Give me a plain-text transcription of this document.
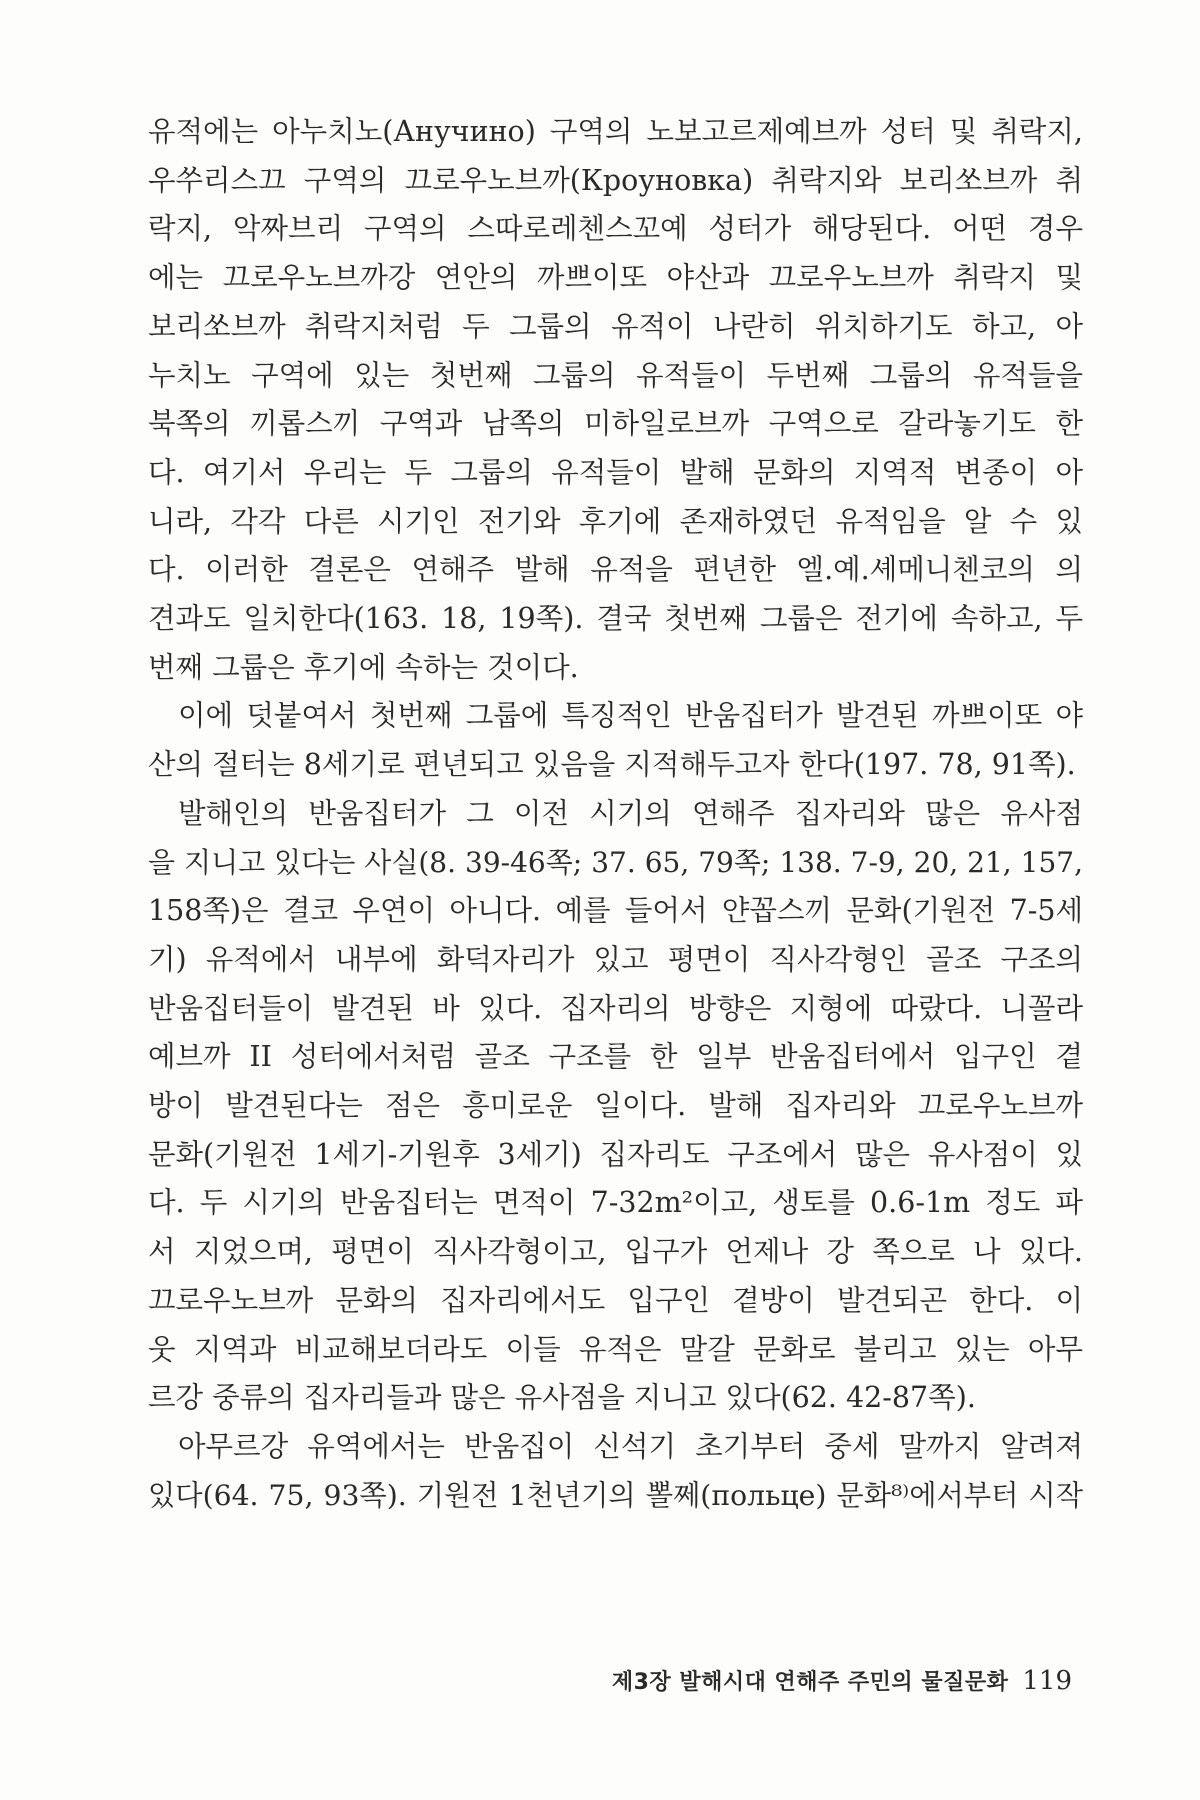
유적에는 아누치노(Анучино) 구역의 노보고르제예브까 성터 및 취락지,

우쑤리스끄 구역의 끄로우노브까(Кроуновка) 취락지와 보리쏘브까 취

락지, 악짜브리 구역의 스따로레첸스꼬예 성터가 해당된다. 어떤 경우

에는 끄로우노브까강 연안의 까쁘이또 야산과 끄로우노브까 취락지 및

보리쏘브까 취락지처럼 두 그룹의 유적이 나란히 위치하기도 하고, 아

누치노 구역에 있는 첫번째 그룹의 유적들이 두번째 그룹의 유적들을

북쪽의 끼롭스끼 구역과 남쪽의 미하일로브까 구역으로 갈라놓기도 한

다. 여기서 우리는 두 그룹의 유적들이 발해 문화의 지역적 변종이 아

니라, 각각 다른 시기인 전기와 후기에 존재하였던 유적임을 알 수 있

다. 이러한 결론은 연해주 발해 유적을 편년한 엘.예.셰메니첸코의 의

견과도 일치한다(163. 18, 19쪽). 결국 첫번째 그룹은 전기에 속하고, 두

번째 그룹은 후기에 속하는 것이다.

이에 덧붙여서 첫번째 그룹에 특징적인 반움집터가 발견된 까쁘이또 야

산의 절터는 8세기로 편년되고 있음을 지적해두고자 한다(197. 78, 91쪽).

발해인의 반움집터가 그 이전 시기의 연해주 집자리와 많은 유사점

을 지니고 있다는 사실(8. 39-46쪽; 37. 65, 79쪽; 138. 7-9, 20, 21, 157,

158쪽)은 결코 우연이 아니다. 예를 들어서 얀꼽스끼 문화(기원전 7-5세

기) 유적에서 내부에 화덕자리가 있고 평면이 직사각형인 골조 구조의

반움집터들이 발견된 바 있다. 집자리의 방향은 지형에 따랐다. 니꼴라

예브까 II 성터에서처럼 골조 구조를 한 일부 반움집터에서 입구인 곁

방이 발견된다는 점은 흥미로운 일이다. 발해 집자리와 끄로우노브까

문화(기원전 1세기-기원후 3세기) 집자리도 구조에서 많은 유사점이 있

다. 두 시기의 반움집터는 면적이 7-32m²이고, 생토를 0.6-1m 정도 파

서 지었으며, 평면이 직사각형이고, 입구가 언제나 강 쪽으로 나 있다.

끄로우노브까 문화의 집자리에서도 입구인 곁방이 발견되곤 한다. 이

웃 지역과 비교해보더라도 이들 유적은 말갈 문화로 불리고 있는 아무

르강 중류의 집자리들과 많은 유사점을 지니고 있다(62. 42-87쪽).

아무르강 유역에서는 반움집이 신석기 초기부터 중세 말까지 알려져

있다(64. 75, 93쪽). 기원전 1천년기의 뽈쩨(польце) 문화⁸⁾에서부터 시작

제3장 발해시대 연해주 주민의 물질문화 119
